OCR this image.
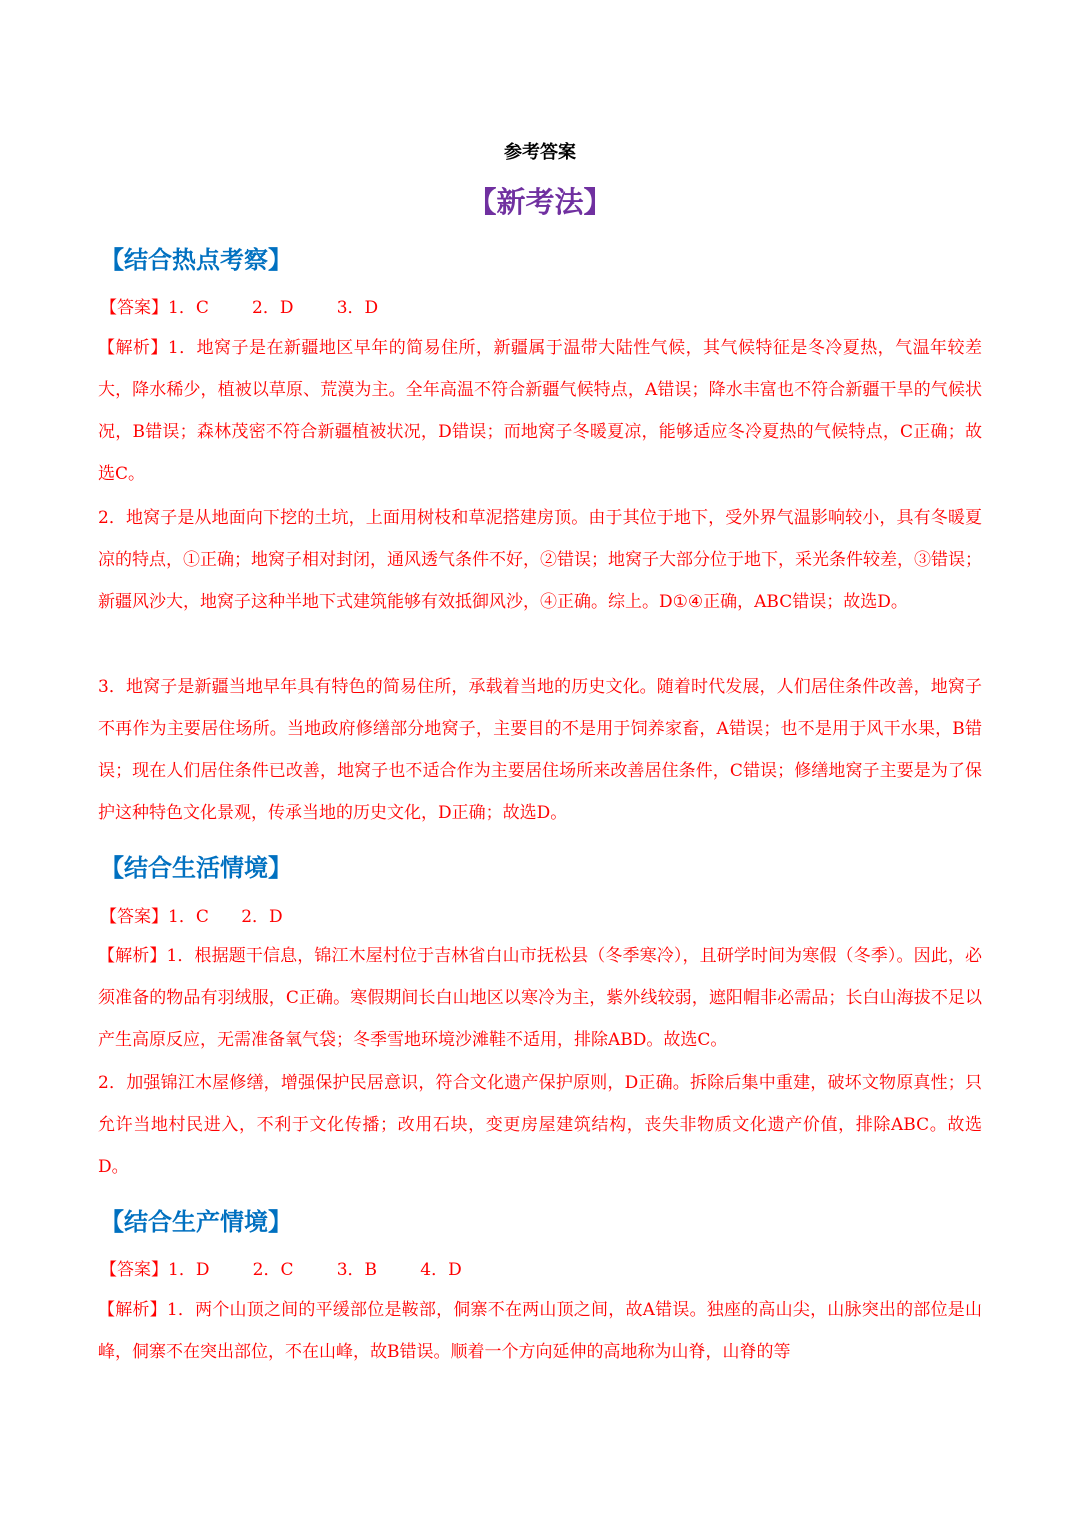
参考答案
【新考法】
【结合热点考察】
【答案】1．C        2．D        3．D
【解析】1．地窝子是在新疆地区早年的简易住所，新疆属于温带大陆性气候，其气候特征是冬冷夏热，气温年较差大，降水稀少，植被以草原、荒漠为主。全年高温不符合新疆气候特点，A错误；降水丰富也不符合新疆干旱的气候状况，B错误；森林茂密不符合新疆植被状况，D错误；而地窝子冬暖夏凉，能够适应冬冷夏热的气候特点，C正确；故选C。
2．地窝子是从地面向下挖的土坑，上面用树枝和草泥搭建房顶。由于其位于地下，受外界气温影响较小，具有冬暖夏凉的特点，①正确；地窝子相对封闭，通风透气条件不好，②错误；地窝子大部分位于地下，采光条件较差，③错误；新疆风沙大，地窝子这种半地下式建筑能够有效抵御风沙，④正确。综上。D①④正确，ABC错误；故选D。
3．地窝子是新疆当地早年具有特色的简易住所，承载着当地的历史文化。随着时代发展，人们居住条件改善，地窝子不再作为主要居住场所。当地政府修缮部分地窝子，主要目的不是用于饲养家畜，A错误；也不是用于风干水果，B错误；现在人们居住条件已改善，地窝子也不适合作为主要居住场所来改善居住条件，C错误；修缮地窝子主要是为了保护这种特色文化景观，传承当地的历史文化，D正确；故选D。
【结合生活情境】
【答案】1．C      2．D
【解析】1．根据题干信息，锦江木屋村位于吉林省白山市抚松县（冬季寒冷），且研学时间为寒假（冬季）。因此，必须准备的物品有羽绒服，C正确。寒假期间长白山地区以寒冷为主，紫外线较弱，遮阳帽非必需品；长白山海拔不足以产生高原反应，无需准备氧气袋；冬季雪地环境沙滩鞋不适用，排除ABD。故选C。
2．加强锦江木屋修缮，增强保护民居意识，符合文化遗产保护原则，D正确。拆除后集中重建，破坏文物原真性；只允许当地村民进入，不利于文化传播；改用石块，变更房屋建筑结构，丧失非物质文化遗产价值，排除ABC。故选D。
【结合生产情境】
【答案】1．D        2．C        3．B        4．D
【解析】1．两个山顶之间的平缓部位是鞍部，侗寨不在两山顶之间，故A错误。独座的高山尖，山脉突出的部位是山峰，侗寨不在突出部位，不在山峰，故B错误。顺着一个方向延伸的高地称为山脊，山脊的等
